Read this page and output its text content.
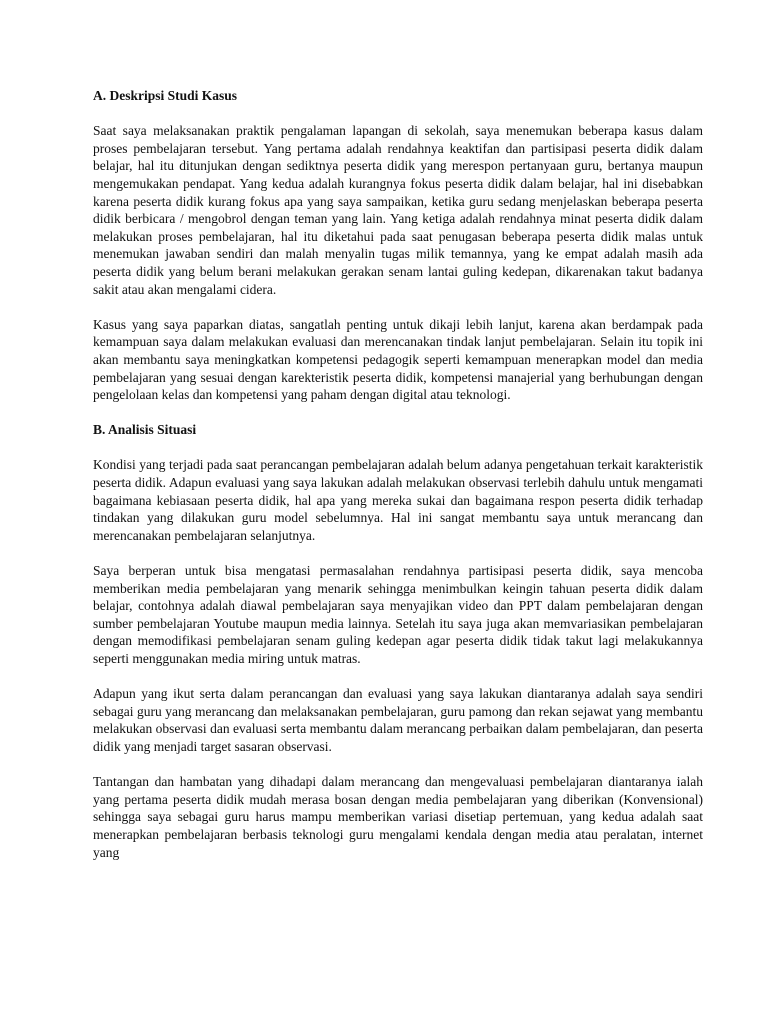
A. Deskripsi Studi Kasus

Saat saya melaksanakan praktik pengalaman lapangan di sekolah, saya menemukan beberapa kasus dalam proses pembelajaran tersebut. Yang pertama adalah rendahnya keaktifan dan partisipasi peserta didik dalam belajar, hal itu ditunjukan dengan sediktnya peserta didik yang merespon pertanyaan guru, bertanya maupun mengemukakan pendapat. Yang kedua adalah kurangnya fokus peserta didik dalam belajar, hal ini disebabkan karena peserta didik kurang fokus apa yang saya sampaikan, ketika guru sedang menjelaskan beberapa peserta didik berbicara / mengobrol dengan teman yang lain. Yang ketiga adalah rendahnya minat peserta didik dalam melakukan proses pembelajaran, hal itu diketahui pada saat penugasan beberapa peserta didik malas untuk menemukan jawaban sendiri dan malah menyalin tugas milik temannya, yang ke empat adalah masih ada peserta didik yang belum berani melakukan gerakan senam lantai guling kedepan, dikarenakan takut badanya sakit atau akan mengalami cidera.

Kasus yang saya paparkan diatas, sangatlah penting untuk dikaji lebih lanjut, karena akan berdampak pada kemampuan saya dalam melakukan evaluasi dan merencanakan tindak lanjut pembelajaran. Selain itu topik ini akan membantu saya meningkatkan kompetensi pedagogik seperti kemampuan menerapkan model dan media pembelajaran yang sesuai dengan karekteristik peserta didik, kompetensi manajerial yang berhubungan dengan pengelolaan kelas dan kompetensi yang paham dengan digital atau teknologi.

B. Analisis Situasi

Kondisi yang terjadi pada saat perancangan pembelajaran adalah belum adanya pengetahuan terkait karakteristik peserta didik. Adapun evaluasi yang saya lakukan adalah melakukan observasi terlebih dahulu untuk mengamati bagaimana kebiasaan peserta didik, hal apa yang mereka sukai dan bagaimana respon peserta didik terhadap tindakan yang dilakukan guru model sebelumnya. Hal ini sangat membantu saya untuk merancang dan merencanakan pembelajaran selanjutnya.

Saya berperan untuk bisa mengatasi permasalahan rendahnya partisipasi peserta didik, saya mencoba memberikan media pembelajaran yang menarik sehingga menimbulkan keingin tahuan peserta didik dalam belajar, contohnya adalah diawal pembelajaran saya menyajikan video dan PPT dalam pembelajaran dengan sumber pembelajaran Youtube maupun media lainnya. Setelah itu saya juga akan memvariasikan pembelajaran dengan memodifikasi pembelajaran senam guling kedepan agar peserta didik tidak takut lagi melakukannya seperti menggunakan media miring untuk matras.

Adapun yang ikut serta dalam perancangan dan evaluasi yang saya lakukan diantaranya adalah saya sendiri sebagai guru yang merancang dan melaksanakan pembelajaran, guru pamong dan rekan sejawat yang membantu melakukan observasi dan evaluasi serta membantu dalam merancang perbaikan dalam pembelajaran, dan peserta didik yang menjadi target sasaran observasi.

Tantangan dan hambatan yang dihadapi dalam merancang dan mengevaluasi pembelajaran diantaranya ialah yang pertama peserta didik mudah merasa bosan dengan media pembelajaran yang diberikan (Konvensional) sehingga saya sebagai guru harus mampu memberikan variasi disetiap pertemuan, yang kedua adalah saat menerapkan pembelajaran berbasis teknologi guru mengalami kendala dengan media atau peralatan, internet yang
